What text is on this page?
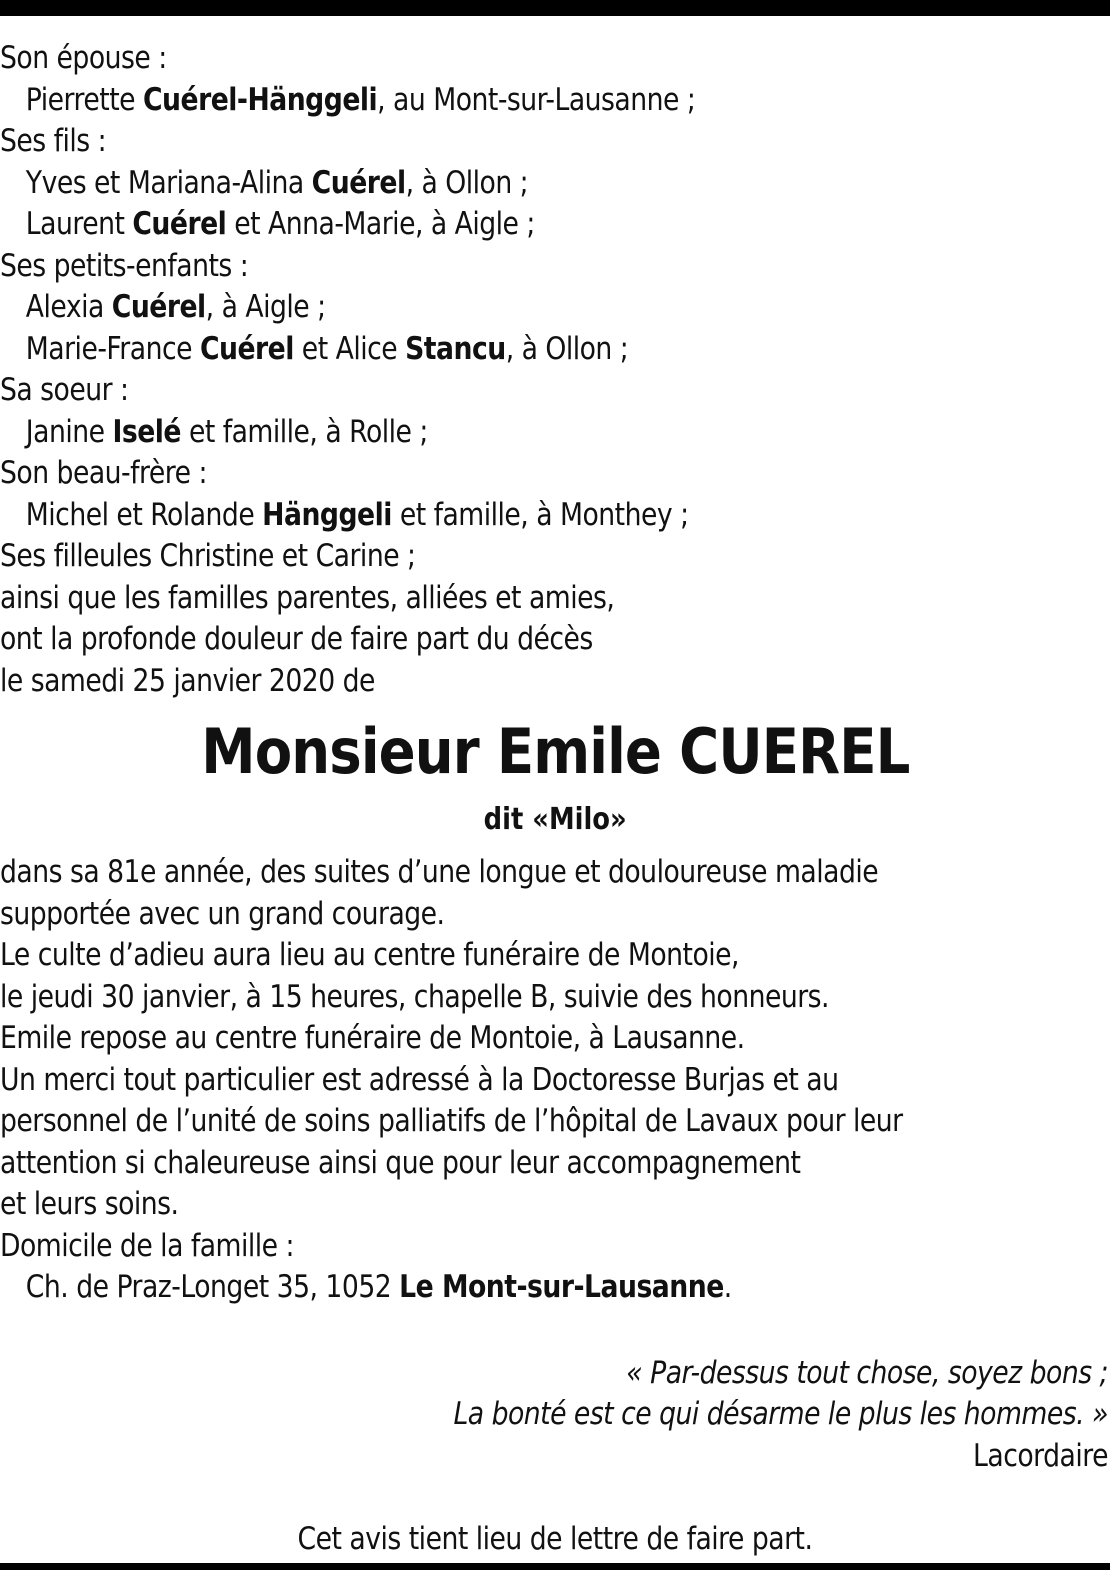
Son épouse :
Pierrette Cuérel-Hänggeli, au Mont-sur-Lausanne ;
Ses fils :
Yves et Mariana-Alina Cuérel, à Ollon ;
Laurent Cuérel et Anna-Marie, à Aigle ;
Ses petits-enfants :
Alexia Cuérel, à Aigle ;
Marie-France Cuérel et Alice Stancu, à Ollon ;
Sa soeur :
Janine Iselé et famille, à Rolle ;
Son beau-frère :
Michel et Rolande Hänggeli et famille, à Monthey ;
Ses filleules Christine et Carine ;
ainsi que les familles parentes, alliées et amies,
ont la profonde douleur de faire part du décès
le samedi 25 janvier 2020 de
Monsieur Emile CUEREL
dit «Milo»
dans sa 81e année, des suites d’une longue et douloureuse maladie
supportée avec un grand courage.
Le culte d’adieu aura lieu au centre funéraire de Montoie,
le jeudi 30 janvier, à 15 heures, chapelle B, suivie des honneurs.
Emile repose au centre funéraire de Montoie, à Lausanne.
Un merci tout particulier est adressé à la Doctoresse Burjas et au
personnel de l’unité de soins palliatifs de l’hôpital de Lavaux pour leur
attention si chaleureuse ainsi que pour leur accompagnement
et leurs soins.
Domicile de la famille :
Ch. de Praz-Longet 35, 1052 Le Mont-sur-Lausanne.
« Par-dessus tout chose, soyez bons ;
La bonté est ce qui désarme le plus les hommes. »
Lacordaire
Cet avis tient lieu de lettre de faire part.
